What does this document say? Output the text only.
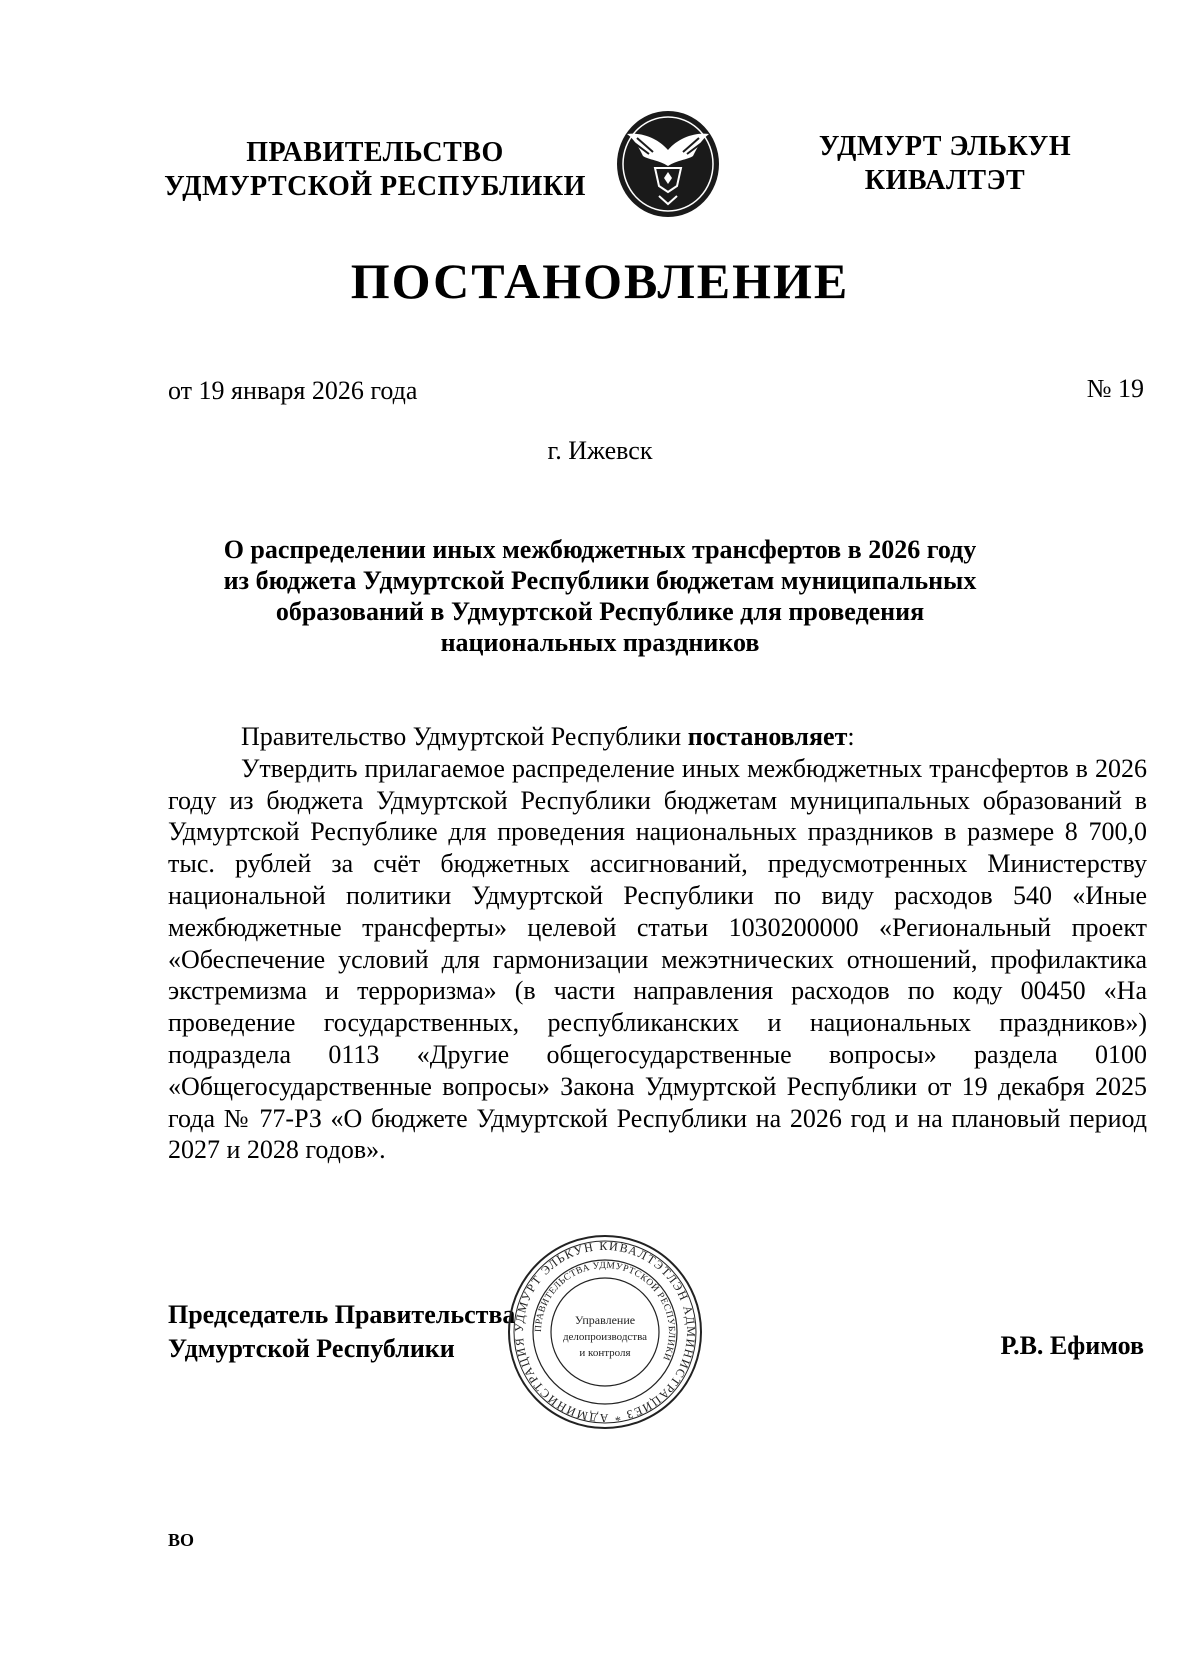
ПРАВИТЕЛЬСТВО
УДМУРТСКОЙ РЕСПУБЛИКИ
УДМУРТ ЭЛЬКУН
КИВАЛТЭТ
ПОСТАНОВЛЕНИЕ
от 19 января 2026 года	№ 19
г. Ижевск
О распределении иных межбюджетных трансфертов в 2026 году
из бюджета Удмуртской Республики бюджетам муниципальных
образований в Удмуртской Республике для проведения
национальных праздников

Правительство Удмуртской Республики постановляет:

Утвердить прилагаемое распределение иных межбюджетных трансфертов в 2026 году из бюджета Удмуртской Республики бюджетам муниципальных образований в Удмуртской Республике для проведения национальных праздников в размере 8 700,0 тыс. рублей за счёт бюджетных ассигнований, предусмотренных Министерству национальной политики Удмуртской Республики по виду расходов 540 «Иные межбюджетные трансферты» целевой статьи 1030200000 «Региональный проект «Обеспечение условий для гармонизации межэтнических отношений, профилактика экстремизма и терроризма» (в части направления расходов по коду 00450 «На проведение государственных, республиканских и национальных праздников») подраздела 0113 «Другие общегосударственные вопросы» раздела 0100 «Общегосударственные вопросы» Закона Удмуртской Республики от 19 декабря 2025 года № 77-РЗ «О бюджете Удмуртской Республики на 2026 год и на плановый период 2027 и 2028 годов».

Председатель Правительства
Удмуртской Республики	Р.В. Ефимов
УДМУРТ ЭЛЬКУН КИВАЛТЭТЛЭН АДМИНИСТРАЦИЕЗ * АДМИНИСТРАЦИЯ
ПРАВИТЕЛЬСТВА УДМУРТСКОЙ РЕСПУБЛИКИ
Управление
делопроизводства
и контроля
ВО
